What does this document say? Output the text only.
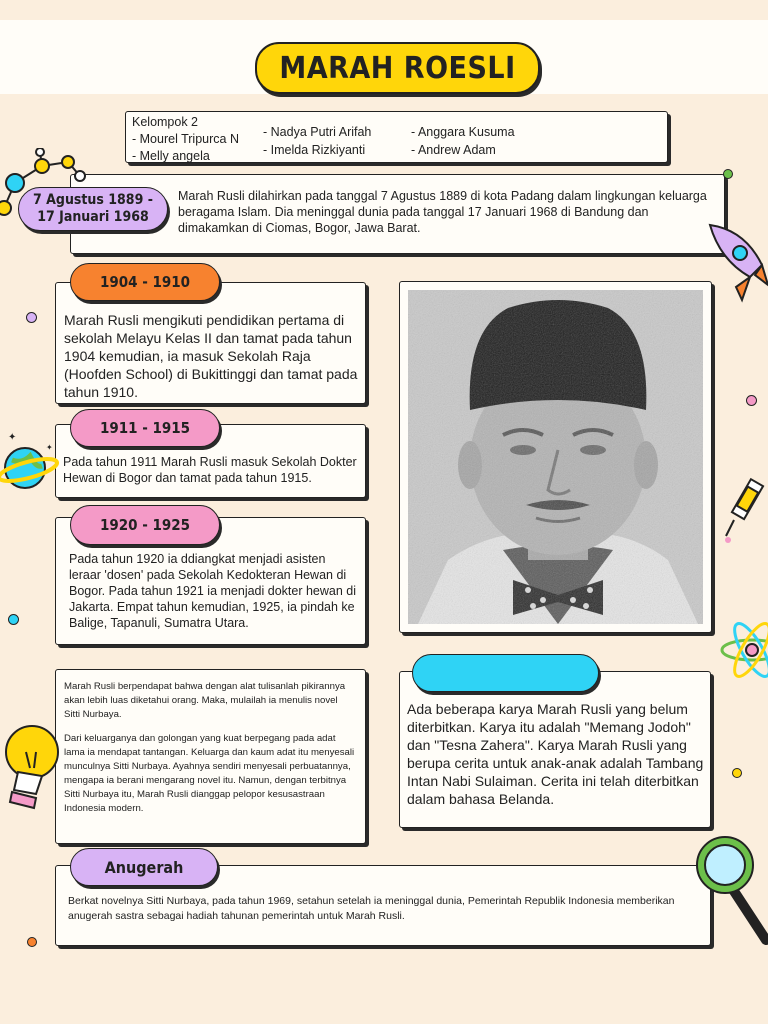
MARAH ROESLI
Kelompok 2
- Mourel Tripurca N
- Melly angela
- Nadya Putri Arifah
- Imelda Rizkiyanti
- Anggara Kusuma
- Andrew Adam
Marah Rusli dilahirkan pada tanggal 7 Agustus 1889 di kota Padang dalam lingkungan keluarga beragama Islam. Dia meninggal dunia pada tanggal 17 Januari 1968 di Bandung dan dimakamkan di Ciomas, Bogor, Jawa Barat.
7 Agustus 1889 -
17 Januari 1968
Marah Rusli mengikuti pendidikan pertama di sekolah Melayu Kelas II dan tamat pada tahun 1904 kemudian, ia masuk Sekolah Raja (Hoofden School) di Bukittinggi dan tamat pada tahun 1910.
1904 - 1910
Pada tahun 1911 Marah Rusli masuk Sekolah Dokter Hewan di Bogor dan tamat pada tahun 1915.
1911 - 1915
Pada tahun 1920 ia ddiangkat menjadi asisten leraar 'dosen' pada Sekolah Kedokteran Hewan di Bogor. Pada tahun 1921 ia menjadi dokter hewan di Jakarta. Empat tahun kemudian, 1925, ia pindah ke Balige, Tapanuli, Sumatra Utara.
1920 - 1925
Marah Rusli berpendapat bahwa dengan alat tulisanlah pikirannya akan lebih luas diketahui orang. Maka, mulailah ia menulis novel Sitti Nurbaya.
Dari keluarganya dan golongan yang kuat berpegang pada adat lama ia mendapat tantangan. Keluarga dan kaum adat itu menyesali munculnya Sitti Nurbaya. Ayahnya sendiri menyesali perbuatannya, mengapa ia berani mengarang novel itu. Namun, dengan terbitnya Sitti Nurbaya itu, Marah Rusli dianggap pelopor kesusastraan Indonesia modern.
Ada beberapa karya Marah Rusli yang belum diterbitkan. Karya itu adalah "Memang Jodoh" dan "Tesna Zahera". Karya Marah Rusli yang berupa cerita untuk anak-anak adalah Tambang Intan Nabi Sulaiman. Cerita ini telah diterbitkan dalam bahasa Belanda.
Berkat novelnya Sitti Nurbaya, pada tahun 1969, setahun setelah ia meninggal dunia, Pemerintah Republik Indonesia memberikan anugerah sastra sebagai hadiah tahunan pemerintah untuk Marah Rusli.
Anugerah
✦
✦
